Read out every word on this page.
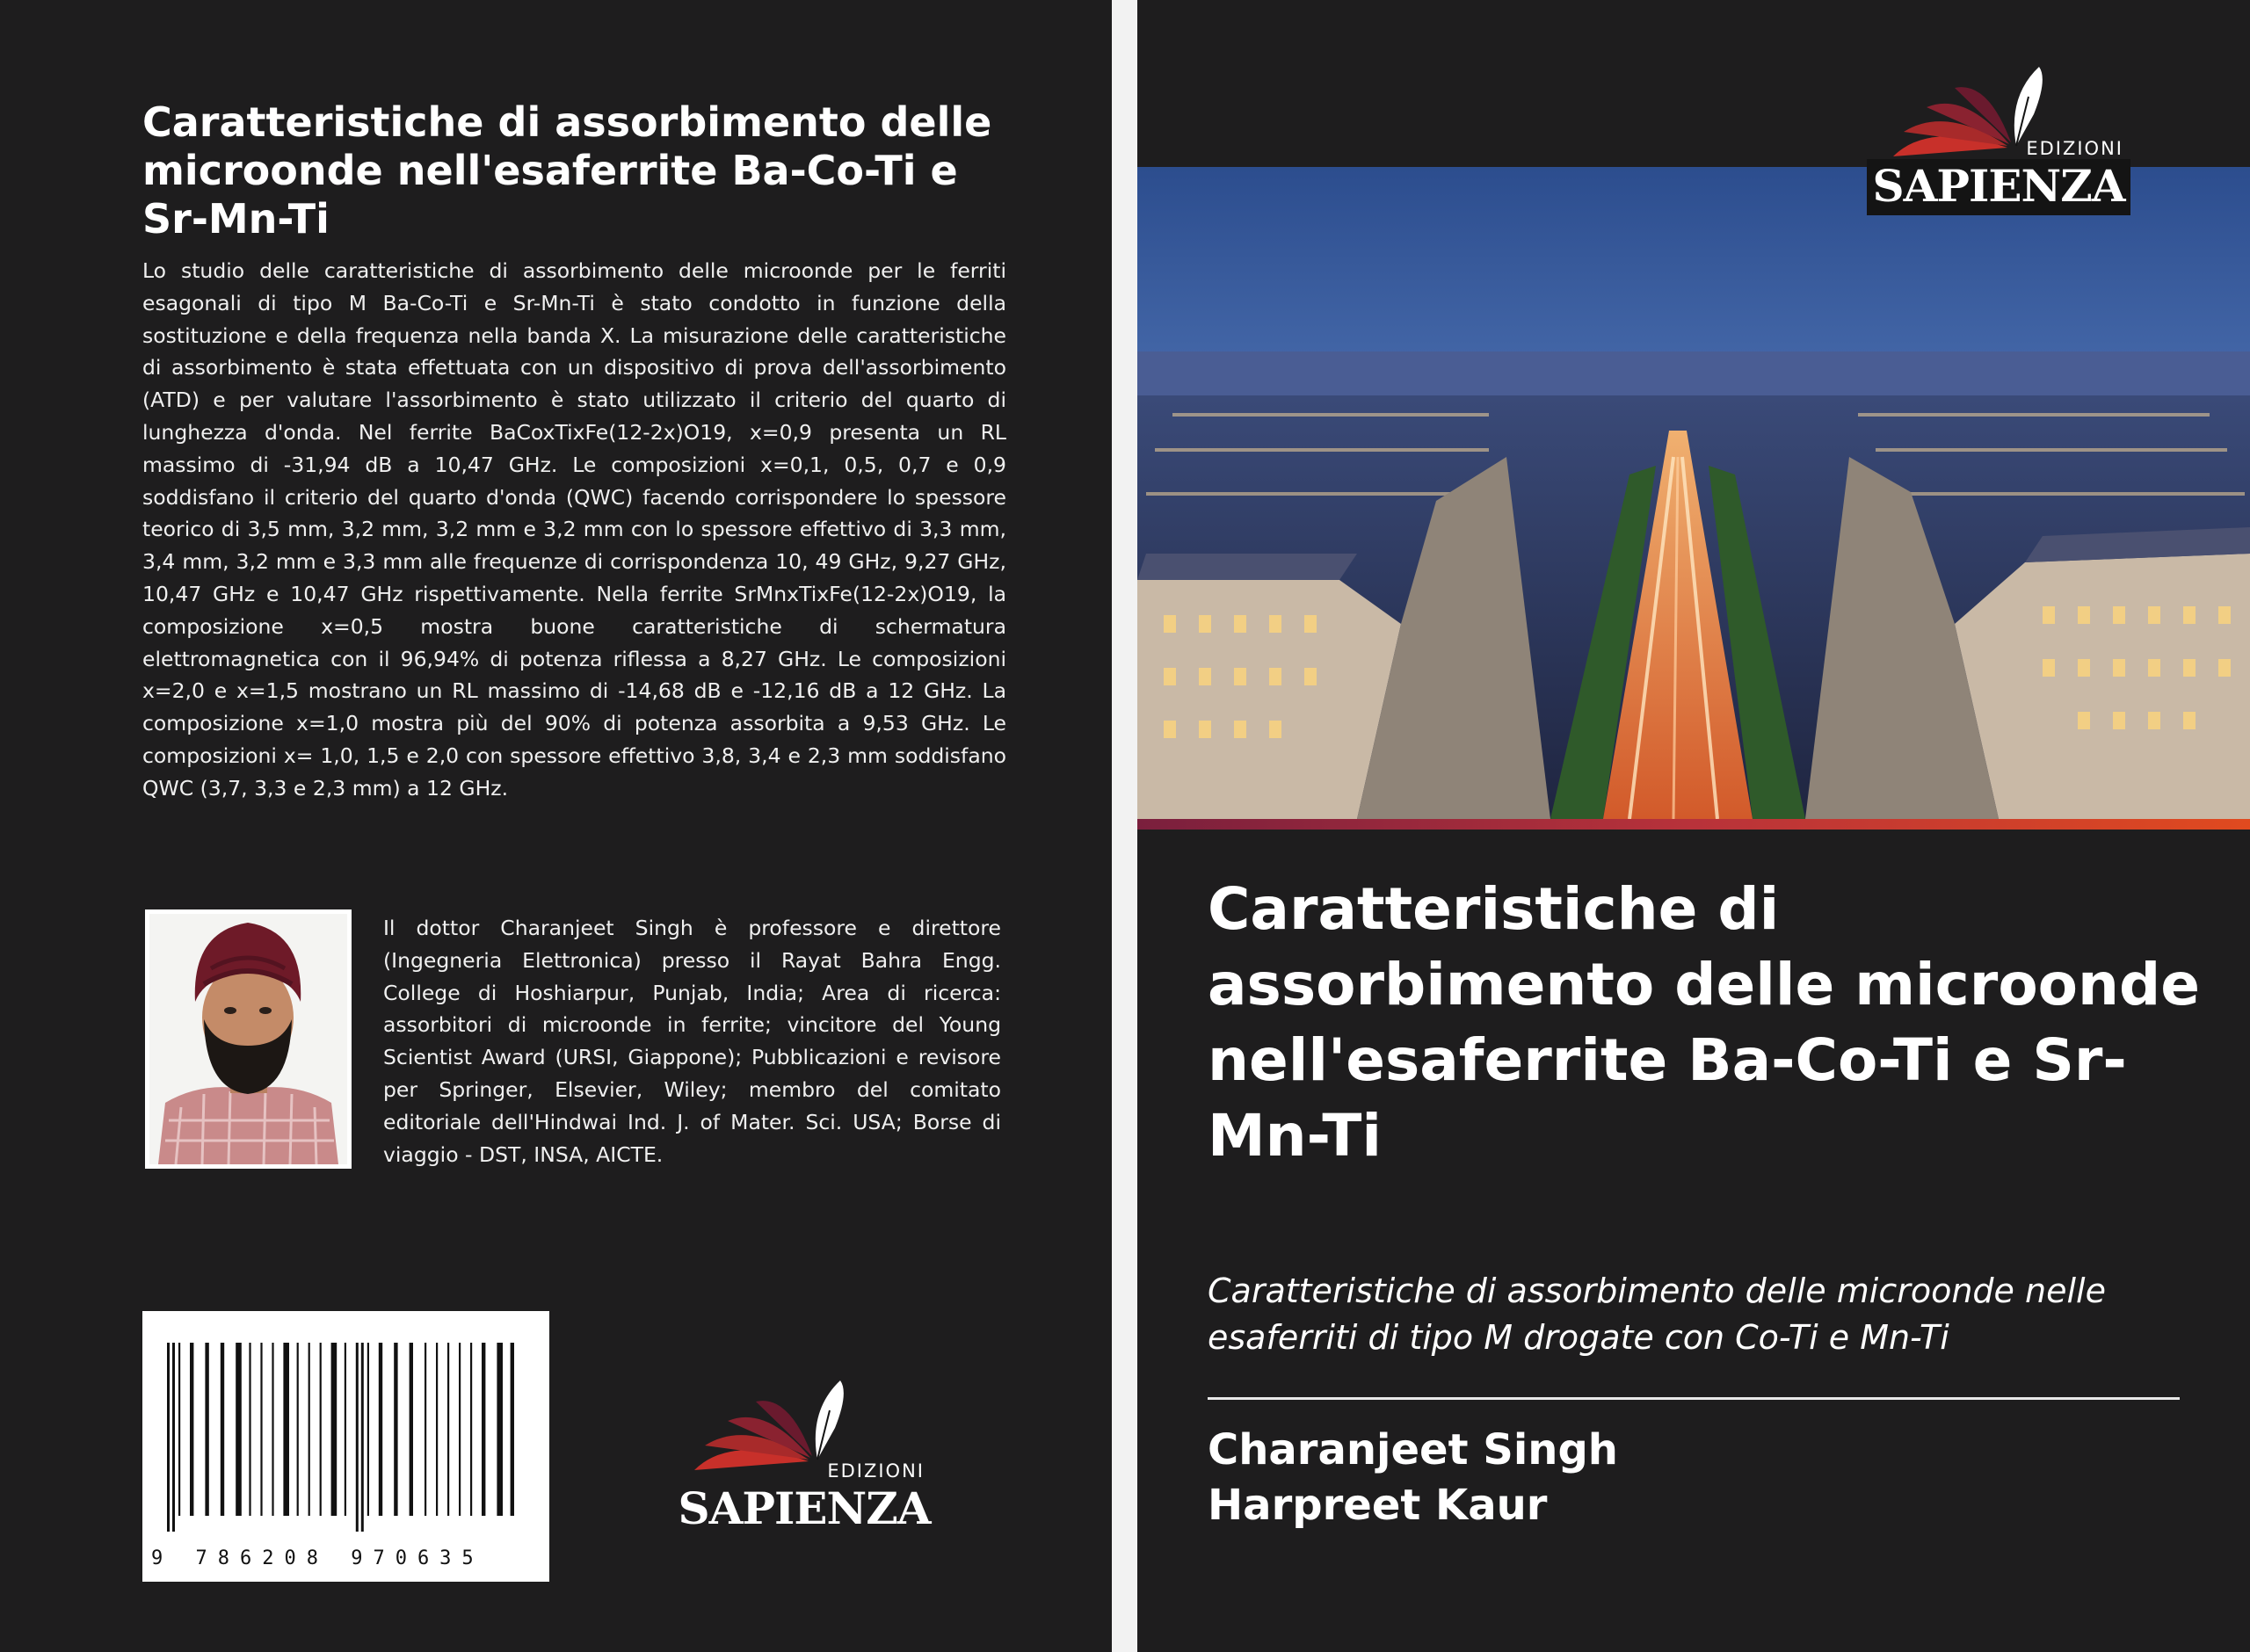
Caratteristiche di assorbimento delle microonde nell'esaferrite Ba-Co-Ti e Sr-Mn-Ti

Lo studio delle caratteristiche di assorbimento delle microonde per le ferriti esagonali di tipo M Ba-Co-Ti e Sr-Mn-Ti è stato condotto in funzione della sostituzione e della frequenza nella banda X. La misurazione delle caratteristiche di assorbimento è stata effettuata con un dispositivo di prova dell'assorbimento (ATD) e per valutare l'assorbimento è stato utilizzato il criterio del quarto di lunghezza d'onda. Nel ferrite BaCoxTixFe(12-2x)O19, x=0,9 presenta un RL massimo di -31,94 dB a 10,47 GHz. Le composizioni x=0,1, 0,5, 0,7 e 0,9 soddisfano il criterio del quarto d'onda (QWC) facendo corrispondere lo spessore teorico di 3,5 mm, 3,2 mm, 3,2 mm e 3,2 mm con lo spessore effettivo di 3,3 mm, 3,4 mm, 3,2 mm e 3,3 mm alle frequenze di corrispondenza 10, 49 GHz, 9,27 GHz, 10,47 GHz e 10,47 GHz rispettivamente. Nella ferrite SrMnxTixFe(12-2x)O19, la composizione x=0,5 mostra buone caratteristiche di schermatura elettromagnetica con il 96,94% di potenza riflessa a 8,27 GHz. Le composizioni x=2,0 e x=1,5 mostrano un RL massimo di -14,68 dB e -12,16 dB a 12 GHz. La composizione x=1,0 mostra più del 90% di potenza assorbita a 9,53 GHz. Le composizioni x= 1,0, 1,5 e 2,0 con spessore effettivo 3,8, 3,4 e 2,3 mm soddisfano QWC (3,7, 3,3 e 2,3 mm) a 12 GHz.

Il dottor Charanjeet Singh è professore e direttore (Ingegneria Elettronica) presso il Rayat Bahra Engg. College di Hoshiarpur, Punjab, India; Area di ricerca: assorbitori di microonde in ferrite; vincitore del Young Scientist Award (URSI, Giappone); Pubblicazioni e revisore per Springer, Elsevier, Wiley; membro del comitato editoriale dell'Hindwai Ind. J. of Mater. Sci. USA; Borse di viaggio - DST, INSA, AICTE.

9 786208 970635
EDIZIONI
SAPIENZA
EDIZIONI
SAPIENZA
Caratteristiche di assorbimento delle microonde nell'esaferrite Ba-Co-Ti e Sr-Mn-Ti

Caratteristiche di assorbimento delle microonde nelle esaferriti di tipo M drogate con Co-Ti e Mn-Ti

Charanjeet Singh

Harpreet Kaur
